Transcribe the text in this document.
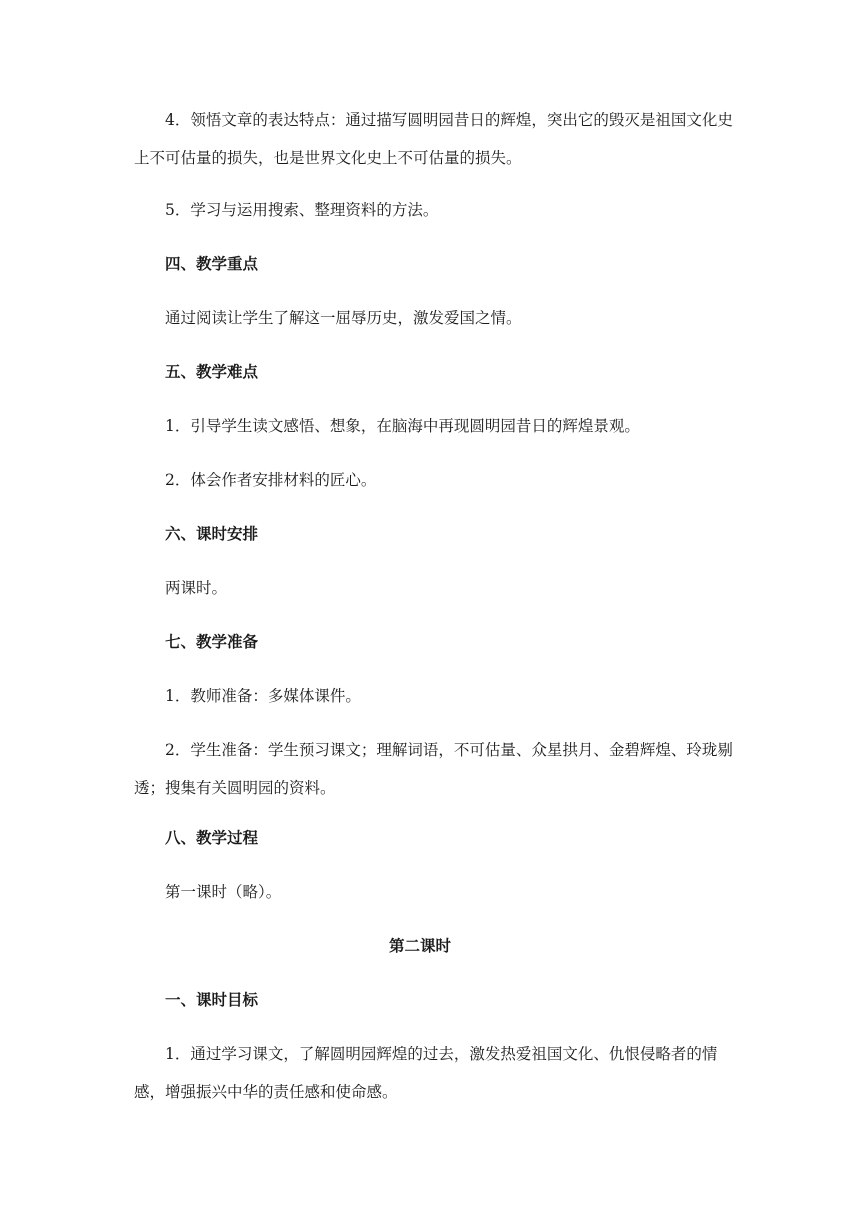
4．领悟文章的表达特点：通过描写圆明园昔日的辉煌，突出它的毁灭是祖国文化史上不可估量的损失，也是世界文化史上不可估量的损失。

5．学习与运用搜索、整理资料的方法。

四、教学重点

通过阅读让学生了解这一屈辱历史，激发爱国之情。

五、教学难点

1．引导学生读文感悟、想象，在脑海中再现圆明园昔日的辉煌景观。

2．体会作者安排材料的匠心。

六、课时安排

两课时。

七、教学准备

1．教师准备：多媒体课件。

2．学生准备：学生预习课文；理解词语，不可估量、众星拱月、金碧辉煌、玲珑剔透；搜集有关圆明园的资料。

八、教学过程

第一课时（略）。

第二课时

一、课时目标

1．通过学习课文，了解圆明园辉煌的过去，激发热爱祖国文化、仇恨侵略者的情感，增强振兴中华的责任感和使命感。
